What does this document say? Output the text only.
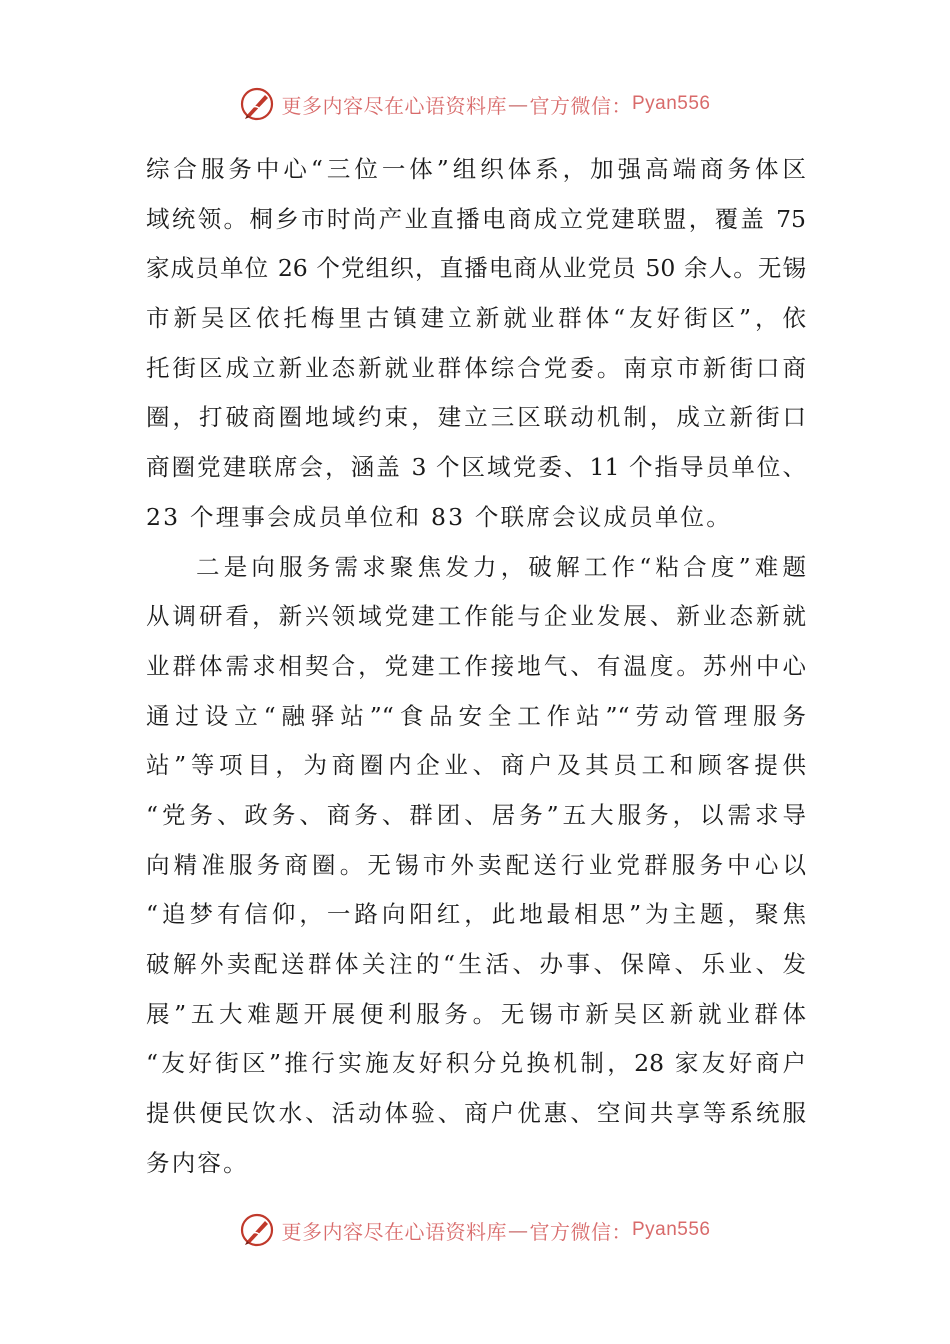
更多内容尽在心语资料库 — 官方微信： Pyan556
综合服务中心“三位一体”组织体系，加强高端商务体区
域统领。桐乡市时尚产业直播电商成立党建联盟，覆盖 75
家成员单位 26 个党组织，直播电商从业党员 50 余人。无锡
市新吴区依托梅里古镇建立新就业群体“友好街区”，依
托街区成立新业态新就业群体综合党委。南京市新街口商
圈，打破商圈地域约束，建立三区联动机制，成立新街口
商圈党建联席会，涵盖 3 个区域党委、11 个指导员单位、
23 个理事会成员单位和 83 个联席会议成员单位。
二是向服务需求聚焦发力，破解工作“粘合度”难题
从调研看，新兴领域党建工作能与企业发展、新业态新就
业群体需求相契合，党建工作接地气、有温度。苏州中心
通过设立“融驿站”“食品安全工作站”“劳动管理服务
站”等项目，为商圈内企业、商户及其员工和顾客提供
“党务、政务、商务、群团、居务”五大服务，以需求导
向精准服务商圈。无锡市外卖配送行业党群服务中心以
“追梦有信仰，一路向阳红，此地最相思”为主题，聚焦
破解外卖配送群体关注的“生活、办事、保障、乐业、发
展”五大难题开展便利服务。无锡市新吴区新就业群体
“友好街区”推行实施友好积分兑换机制，28 家友好商户
提供便民饮水、活动体验、商户优惠、空间共享等系统服
务内容。
更多内容尽在心语资料库 — 官方微信： Pyan556
